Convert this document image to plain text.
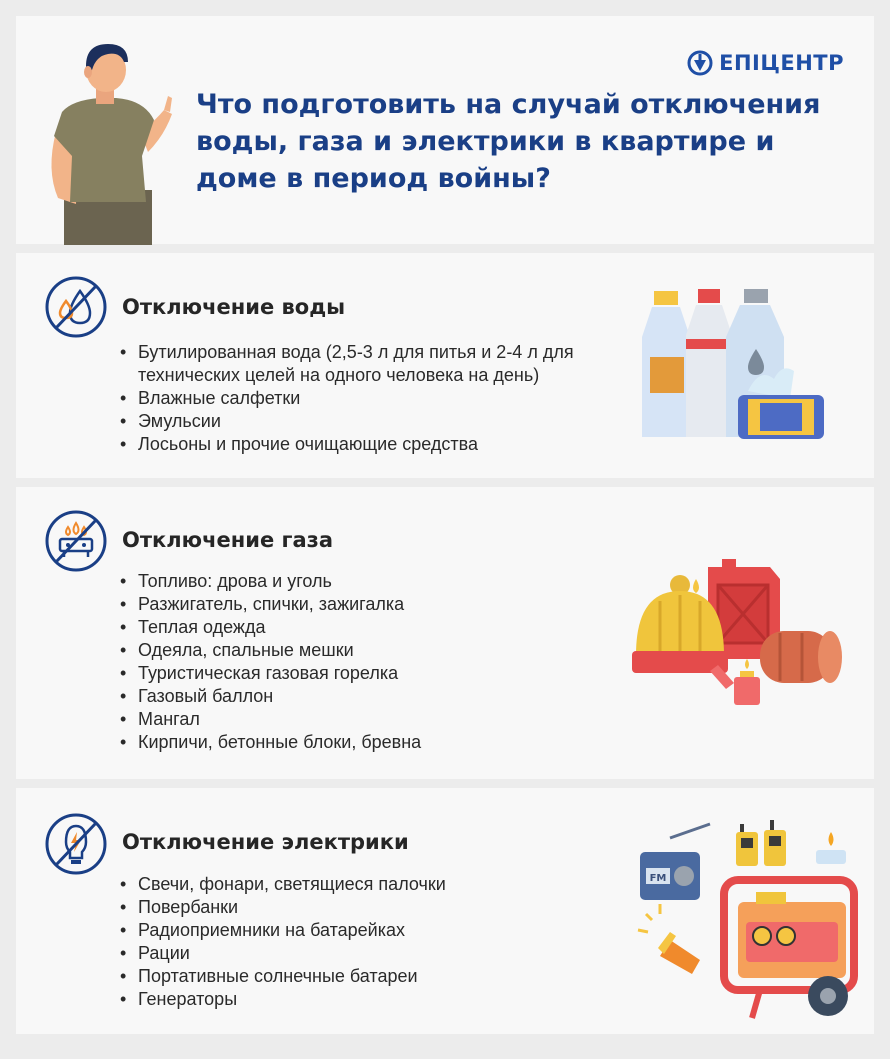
ЕПІЦЕНТР
Что подготовить на случай отключения воды, газа и электрики в квартире и доме в период войны?
Отключение воды
• Бутилированная вода (2,5-3 л для питья и 2-4 л для технических целей на одного человека на день)
• Влажные салфетки
• Эмульсии
• Лосьоны и прочие очищающие средства
Отключение газа
• Топливо: дрова и уголь
• Разжигатель, спички, зажигалка
• Теплая одежда
• Одеяла, спальные мешки
• Туристическая газовая горелка
• Газовый баллон
• Мангал
• Кирпичи, бетонные блоки, бревна
Отключение электрики
• Свечи, фонари, светящиеся палочки
• Повербанки
• Радиоприемники на батарейках
• Рации
• Портативные солнечные батареи
• Генераторы
FM
